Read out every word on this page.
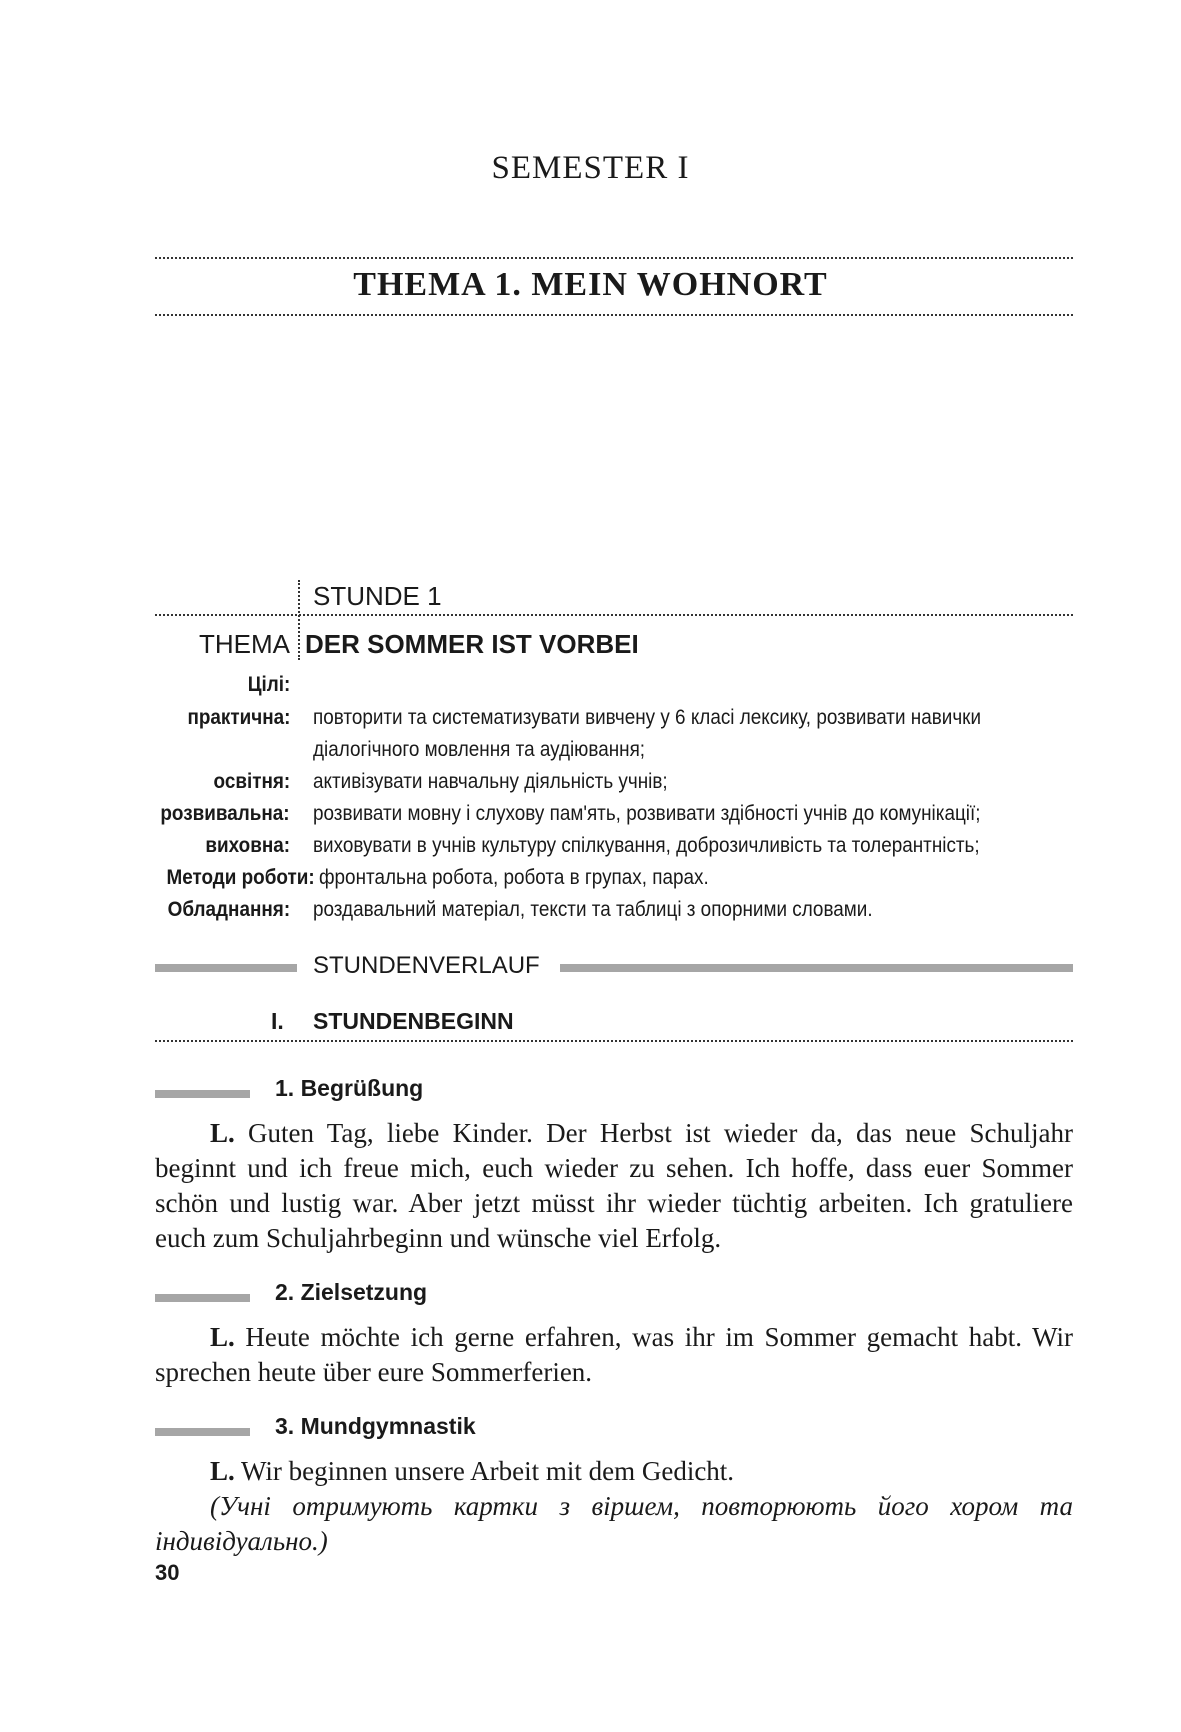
SEMESTER I
THEMA 1. MEIN WOHNORT
STUNDE 1
THEMA DER SOMMER IST VORBEI
Цілі:
практична: повторити та систематизувати вивчену у 6 класі лексику, розвивати навички
діалогічного мовлення та аудіювання;
освітня: активізувати навчальну діяльність учнів;
розвивальна: розвивати мовну і слухову пам'ять, розвивати здібності учнів до комунікації;
виховна: виховувати в учнів культуру спілкування, доброзичливість та толерантність;
Методи роботи: фронтальна робота, робота в групах, парах.
Обладнання: роздавальний матеріал, тексти та таблиці з опорними словами.
STUNDENVERLAUF
I. STUNDENBEGINN
1. Begrüßung
L. Guten Tag, liebe Kinder. Der Herbst ist wieder da, das neue Schuljahr beginnt und ich freue mich, euch wieder zu sehen. Ich hoffe, dass euer Sommer schön und lustig war. Aber jetzt müsst ihr wieder tüchtig arbeiten. Ich gratuliere euch zum Schuljahrbeginn und wünsche viel Erfolg.
2. Zielsetzung
L. Heute möchte ich gerne erfahren, was ihr im Sommer gemacht habt. Wir sprechen heute über eure Sommerferien.
3. Mundgymnastik
L. Wir beginnen unsere Arbeit mit dem Gedicht.
(Учні отримують картки з віршем, повторюють його хором та індивідуально.)
30
